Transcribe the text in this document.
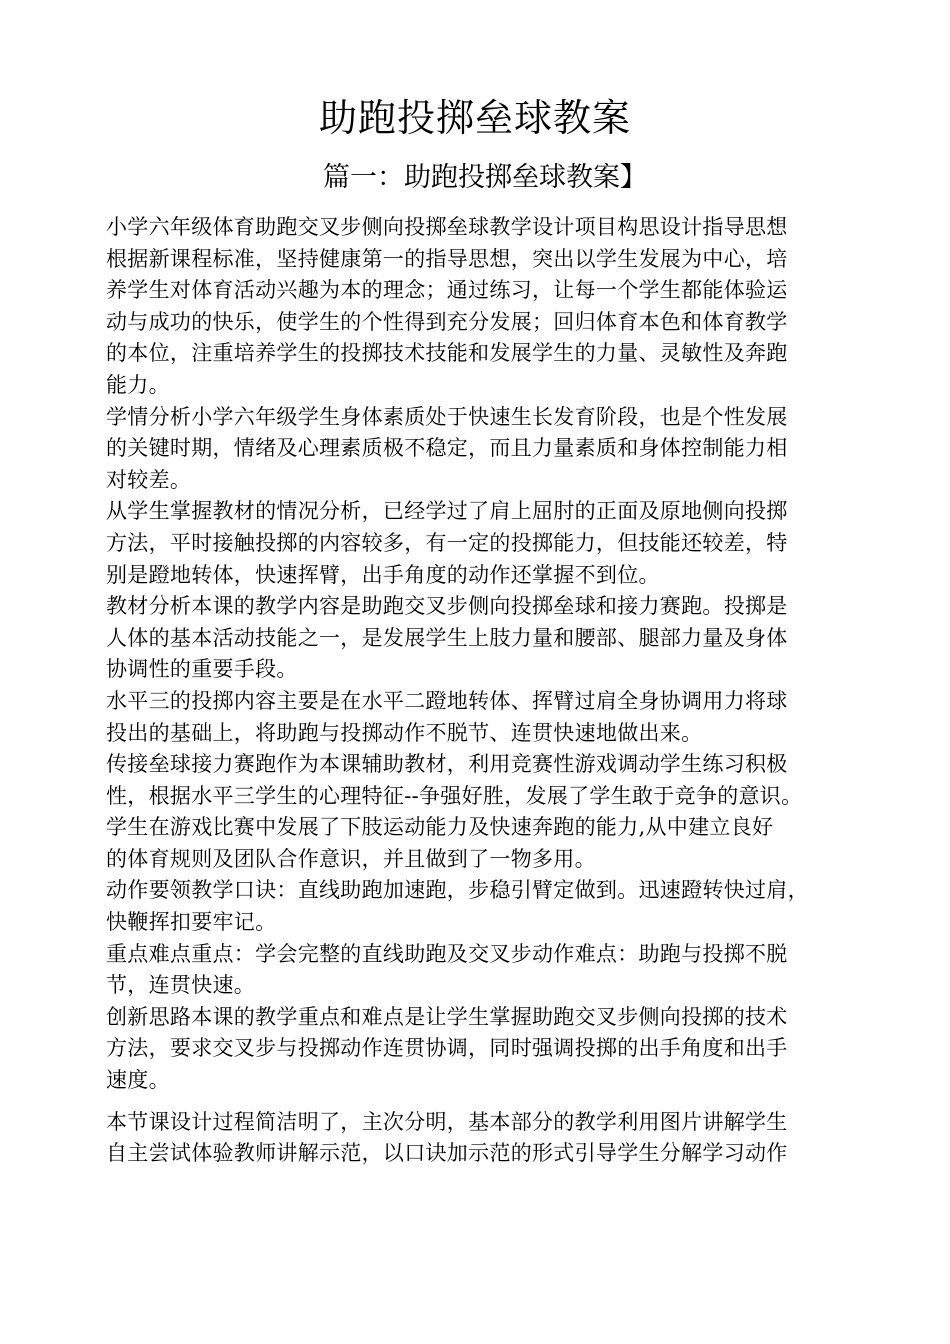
助跑投掷垒球教案
篇一：助跑投掷垒球教案】

小学六年级体育助跑交叉步侧向投掷垒球教学设计项目构思设计指导思想
根据新课程标准，坚持健康第一的指导思想，突出以学生发展为中心，培
养学生对体育活动兴趣为本的理念；通过练习，让每一个学生都能体验运
动与成功的快乐，使学生的个性得到充分发展；回归体育本色和体育教学
的本位，注重培养学生的投掷技术技能和发展学生的力量、灵敏性及奔跑
能力。

学情分析小学六年级学生身体素质处于快速生长发育阶段，也是个性发展
的关键时期，情绪及心理素质极不稳定，而且力量素质和身体控制能力相
对较差。

从学生掌握教材的情况分析，已经学过了肩上屈肘的正面及原地侧向投掷
方法，平时接触投掷的内容较多，有一定的投掷能力，但技能还较差，特
别是蹬地转体，快速挥臂，出手角度的动作还掌握不到位。

教材分析本课的教学内容是助跑交叉步侧向投掷垒球和接力赛跑。投掷是
人体的基本活动技能之一，是发展学生上肢力量和腰部、腿部力量及身体
协调性的重要手段。

水平三的投掷内容主要是在水平二蹬地转体、挥臂过肩全身协调用力将球
投出的基础上，将助跑与投掷动作不脱节、连贯快速地做出来。

传接垒球接力赛跑作为本课辅助教材，利用竞赛性游戏调动学生练习积极
性，根据水平三学生的心理特征--争强好胜，发展了学生敢于竞争的意识。
学生在游戏比赛中发展了下肢运动能力及快速奔跑的能力,从中建立良好
的体育规则及团队合作意识，并且做到了一物多用。

动作要领教学口诀：直线助跑加速跑，步稳引臂定做到。迅速蹬转快过肩，
快鞭挥扣要牢记。

重点难点重点：学会完整的直线助跑及交叉步动作难点：助跑与投掷不脱
节，连贯快速。

创新思路本课的教学重点和难点是让学生掌握助跑交叉步侧向投掷的技术
方法，要求交叉步与投掷动作连贯协调，同时强调投掷的出手角度和出手
速度。

本节课设计过程简洁明了，主次分明，基本部分的教学利用图片讲解学生
自主尝试体验教师讲解示范，以口诀加示范的形式引导学生分解学习动作
